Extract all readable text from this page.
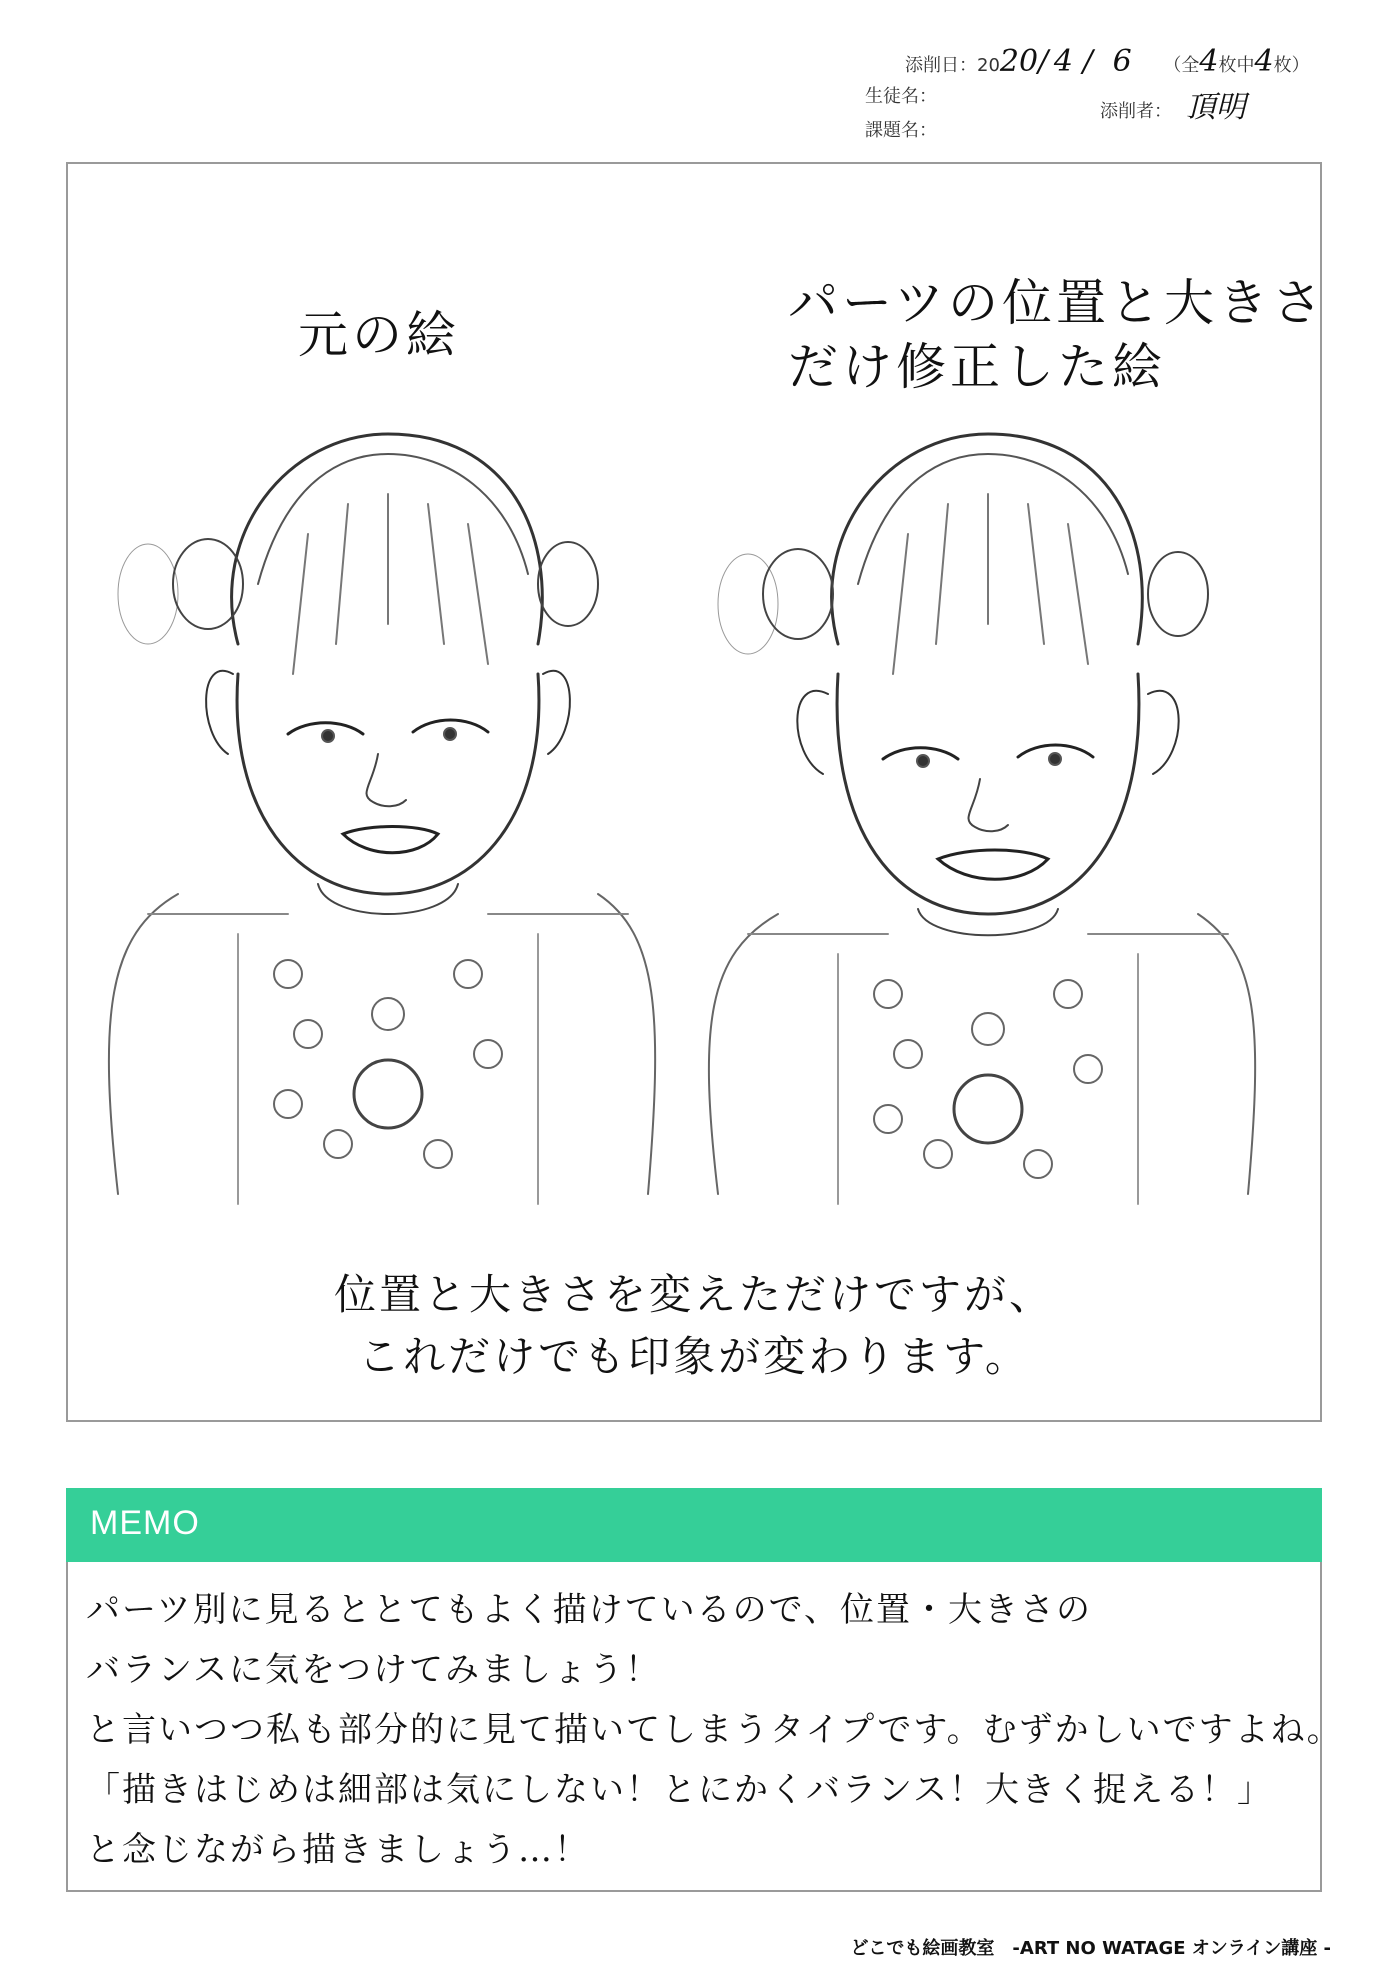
添削日：2020/ 4 / 6 （全4枚中4枚）
生徒名：
添削者： 頂明
課題名：
元の絵
パーツの位置と大きさ
だけ修正した絵
位置と大きさを変えただけですが、
これだけでも印象が変わります。
MEMO
パーツ別に見るととてもよく描けているので、位置・大きさの
バランスに気をつけてみましょう！
と言いつつ私も部分的に見て描いてしまうタイプです。むずかしいですよね。
「描きはじめは細部は気にしない！とにかくバランス！大きく捉える！」
と念じながら描きましょう…！
どこでも絵画教室　-ART NO WATAGE オンライン講座 -
